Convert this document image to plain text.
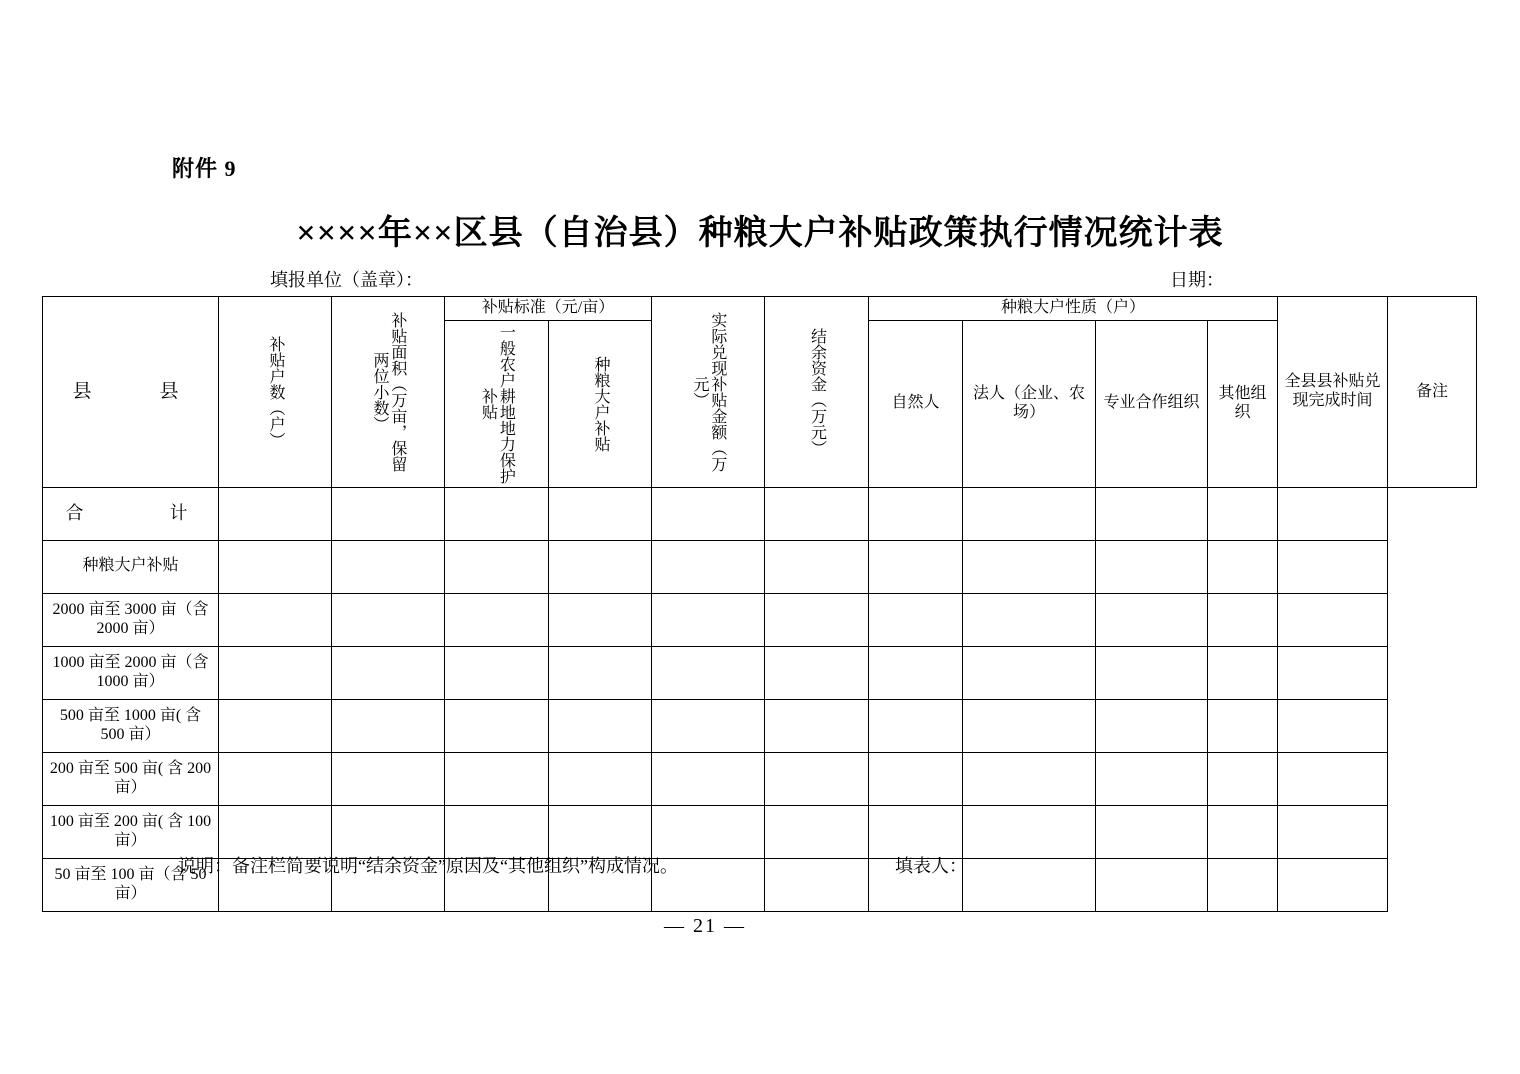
附件 9
××××年××区县（自治县）种粮大户补贴政策执行情况统计表
填报单位（盖章）：	日期：
县　　县	补贴户数（户）	补贴面积（万亩，保留两位小数）	补贴标准（元/亩）		实际兑现补贴金额（万元）	结余资金（万元）	种粮大户性质（户）				全县县补贴兑现完成时间	备注

			一般农户耕地地力保护补贴	种粮大户补贴			自然人	法人（企业、农场）	专业合作组织	其他组织		
合　　　计												
种粮大户补贴												
2000 亩至 3000 亩（含 2000 亩）												
1000 亩至 2000 亩（含 1000 亩）												
500 亩至 1000 亩( 含 500 亩）												
200 亩至 500 亩( 含 200 亩）												
100 亩至 200 亩( 含 100 亩）												
50 亩至 100 亩（含 50 亩）												
说明：备注栏简要说明“结余资金”原因及“其他组织”构成情况。	填表人：
— 21 —
